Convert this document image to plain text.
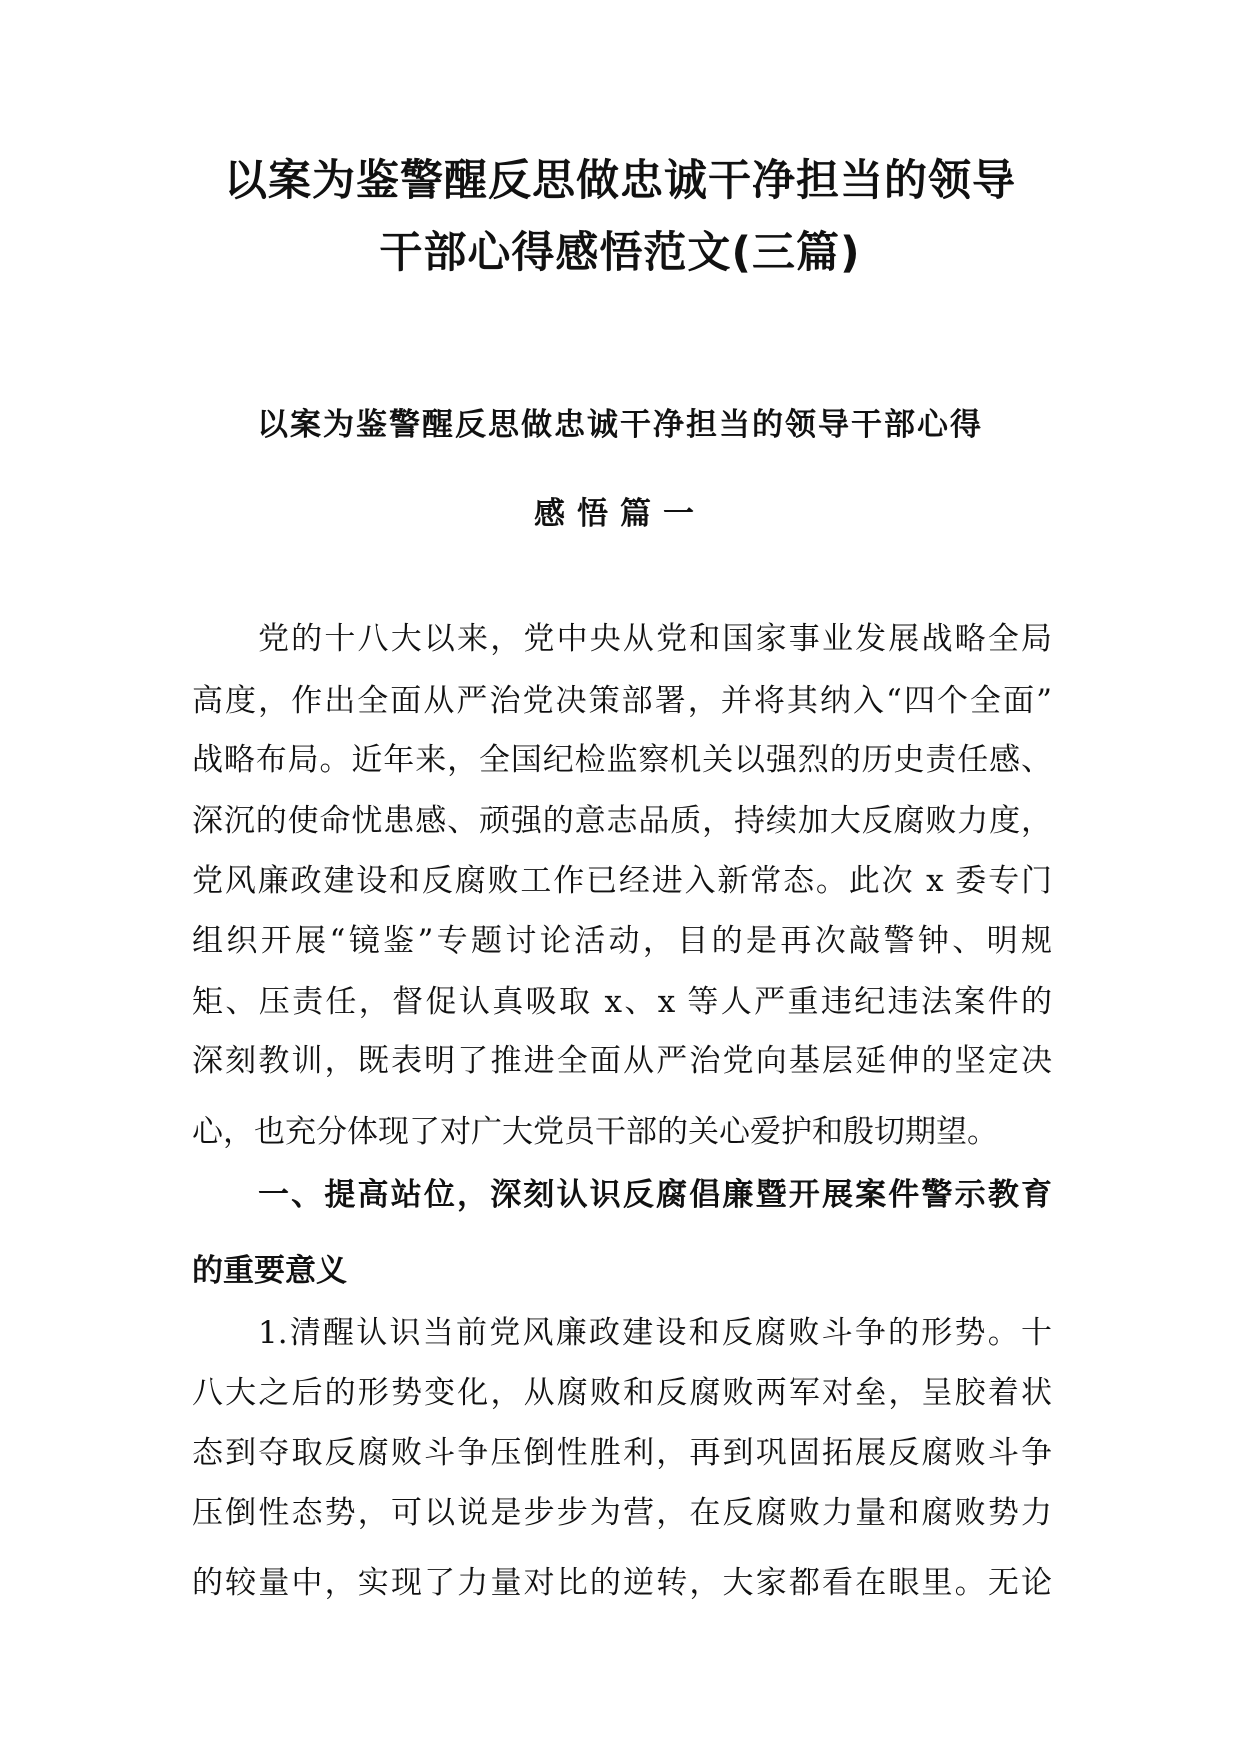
以案为鉴警醒反思做忠诚干净担当的领导
干部心得感悟范文(三篇)
以案为鉴警醒反思做忠诚干净担当的领导干部心得
感悟篇一
党的十八大以来，党中央从党和国家事业发展战略全局
高度，作出全面从严治党决策部署，并将其纳入“四个全面”
战略布局。近年来，全国纪检监察机关以强烈的历史责任感、
深沉的使命忧患感、顽强的意志品质，持续加大反腐败力度，
党风廉政建设和反腐败工作已经进入新常态。此次 x 委专门
组织开展“镜鉴”专题讨论活动，目的是再次敲警钟、明规
矩、压责任，督促认真吸取 x、x 等人严重违纪违法案件的
深刻教训，既表明了推进全面从严治党向基层延伸的坚定决
心，也充分体现了对广大党员干部的关心爱护和殷切期望。
一、提高站位，深刻认识反腐倡廉暨开展案件警示教育
的重要意义
1.清醒认识当前党风廉政建设和反腐败斗争的形势。十
八大之后的形势变化，从腐败和反腐败两军对垒，呈胶着状
态到夺取反腐败斗争压倒性胜利，再到巩固拓展反腐败斗争
压倒性态势，可以说是步步为营，在反腐败力量和腐败势力
的较量中，实现了力量对比的逆转，大家都看在眼里。无论
